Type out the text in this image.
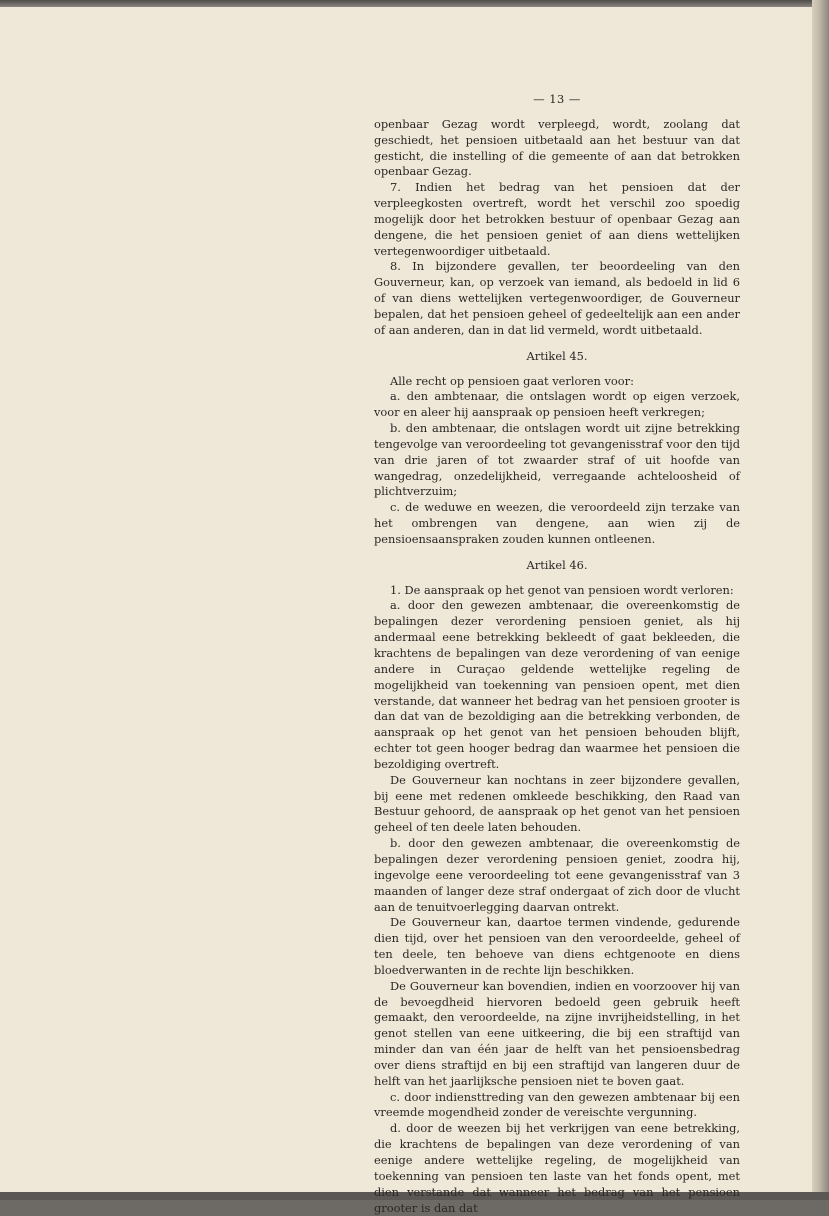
— 13 —

openbaar Gezag wordt verpleegd, wordt, zoolang dat geschiedt, het pensioen uitbetaald aan het bestuur van dat gesticht, die instelling of die gemeente of aan dat betrokken openbaar Gezag.

7. Indien het bedrag van het pensioen dat der verpleegkosten overtreft, wordt het verschil zoo spoedig mogelijk door het betrokken bestuur of openbaar Gezag aan dengene, die het pensioen geniet of aan diens wettelijken vertegenwoordiger uitbetaald.

8. In bijzondere gevallen, ter beoordeeling van den Gouverneur, kan, op verzoek van iemand, als bedoeld in lid 6 of van diens wettelijken vertegenwoordiger, de Gouverneur bepalen, dat het pensioen geheel of gedeeltelijk aan een ander of aan anderen, dan in dat lid vermeld, wordt uitbetaald.

Artikel 45.

Alle recht op pensioen gaat verloren voor:

a. den ambtenaar, die ontslagen wordt op eigen verzoek, voor en aleer hij aanspraak op pensioen heeft verkregen;

b. den ambtenaar, die ontslagen wordt uit zijne betrekking tengevolge van veroordeeling tot gevangenisstraf voor den tijd van drie jaren of tot zwaarder straf of uit hoofde van wangedrag, onzedelijkheid, verregaande achteloosheid of plichtverzuim;

c. de weduwe en weezen, die veroordeeld zijn terzake van het ombrengen van dengene, aan wien zij de pensioensaanspraken zouden kunnen ontleenen.

Artikel 46.

1. De aanspraak op het genot van pensioen wordt verloren:

a. door den gewezen ambtenaar, die overeenkomstig de bepalingen dezer verordening pensioen geniet, als hij andermaal eene betrekking bekleedt of gaat bekleeden, die krachtens de bepalingen van deze verordening of van eenige andere in Curaçao geldende wettelijke regeling de mogelijkheid van toekenning van pensioen opent, met dien verstande, dat wanneer het bedrag van het pensioen grooter is dan dat van de bezoldiging aan die betrekking verbonden, de aanspraak op het genot van het pensioen behouden blijft, echter tot geen hooger bedrag dan waarmee het pensioen die bezoldiging overtreft.

De Gouverneur kan nochtans in zeer bijzondere gevallen, bij eene met redenen omkleede beschikking, den Raad van Bestuur gehoord, de aanspraak op het genot van het pensioen geheel of ten deele laten behouden.

b. door den gewezen ambtenaar, die overeenkomstig de bepalingen dezer verordening pensioen geniet, zoodra hij, ingevolge eene veroordeeling tot eene gevangenisstraf van 3 maanden of langer deze straf ondergaat of zich door de vlucht aan de tenuitvoerlegging daarvan ontrekt.

De Gouverneur kan, daartoe termen vindende, gedurende dien tijd, over het pensioen van den veroordeelde, geheel of ten deele, ten behoeve van diens echtgenoote en diens bloedverwanten in de rechte lijn beschikken.

De Gouverneur kan bovendien, indien en voorzoover hij van de bevoegdheid hiervoren bedoeld geen gebruik heeft gemaakt, den veroordeelde, na zijne invrijheidstelling, in het genot stellen van eene uitkeering, die bij een straftijd van minder dan van één jaar de helft van het pensioensbedrag over diens straftijd en bij een straftijd van langeren duur de helft van het jaarlijksche pensioen niet te boven gaat.

c. door indiensttreding van den gewezen ambtenaar bij een vreemde mogendheid zonder de vereischte vergunning.

d. door de weezen bij het verkrijgen van eene betrekking, die krachtens de bepalingen van deze verordening of van eenige andere wettelijke regeling, de mogelijkheid van toekenning van pensioen ten laste van het fonds opent, met dien verstande dat wanneer het bedrag van het pensioen grooter is dan dat
